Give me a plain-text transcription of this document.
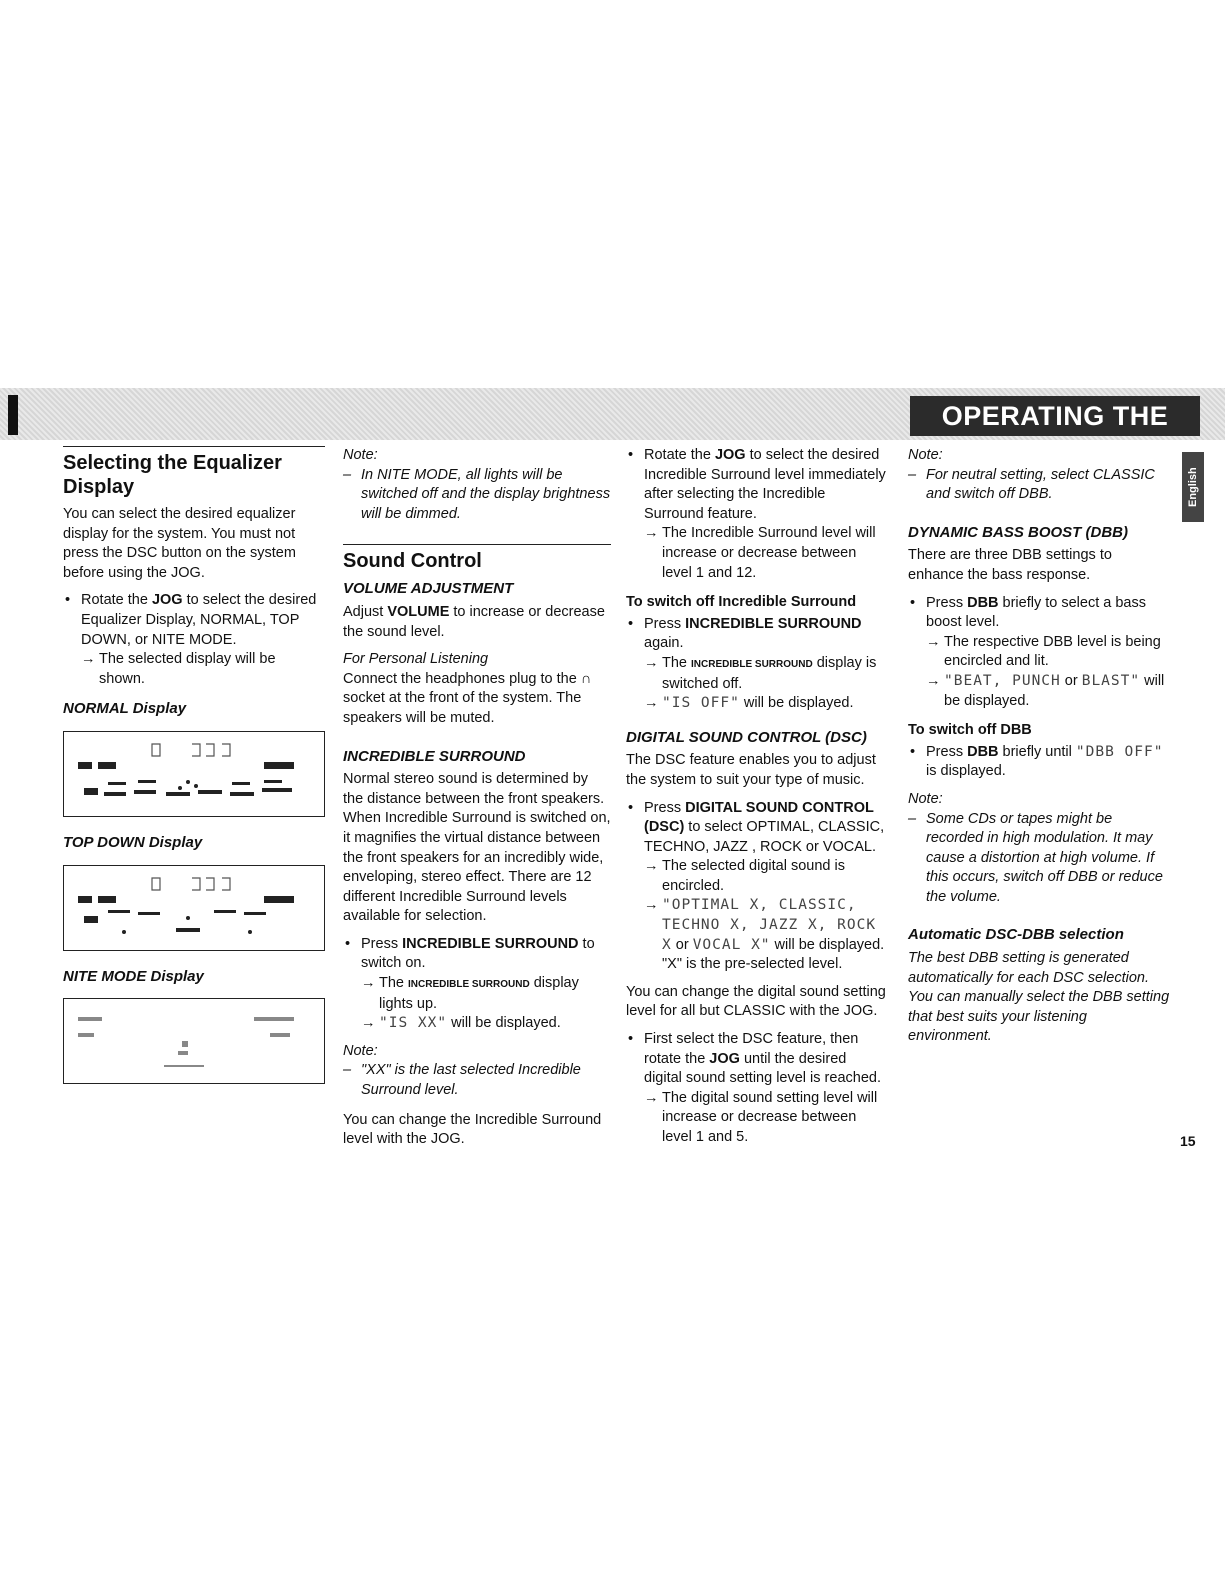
OPERATING THE SYSTEM
English
15
Selecting the Equalizer
Display

You can select the desired equalizer display for the system. You must not press the DSC button on the system before using the JOG.

• Rotate the JOG to select the desired Equalizer Display, NORMAL, TOP DOWN, or NITE MODE.
→ The selected display will be shown.
NORMAL Display
TOP DOWN Display
NITE MODE Display
Note:
– In NITE MODE, all lights will be switched off and the display brightness will be dimmed.
Sound Control
VOLUME ADJUSTMENT

Adjust VOLUME to increase or decrease the sound level.

For Personal Listening

Connect the headphones plug to the ∩ socket at the front of the system. The speakers will be muted.

INCREDIBLE SURROUND

Normal stereo sound is determined by the distance between the front speakers. When Incredible Surround is switched on, it magnifies the virtual distance between the front speakers for an incredibly wide, enveloping, stereo effect. There are 12 different Incredible Surround levels available for selection.

• Press INCREDIBLE SURROUND to switch on.
→ The INCREDIBLE SURROUND display lights up.
→ "IS XX" will be displayed.
Note:
– "XX" is the last selected Incredible Surround level.

You can change the Incredible Surround level with the JOG.

• Rotate the JOG to select the desired Incredible Surround level immediately after selecting the Incredible Surround feature.
→ The Incredible Surround level will increase or decrease between level 1 and 12.
To switch off Incredible Surround
• Press INCREDIBLE SURROUND again.
→ The INCREDIBLE SURROUND display is switched off.
→ "IS OFF" will be displayed.
DIGITAL SOUND CONTROL (DSC)

The DSC feature enables you to adjust the system to suit your type of music.

• Press DIGITAL SOUND CONTROL (DSC) to select OPTIMAL, CLASSIC, TECHNO, JAZZ , ROCK or VOCAL.
→ The selected digital sound is encircled.
→ "OPTIMAL X, CLASSIC, TECHNO X, JAZZ X, ROCK X or VOCAL X" will be displayed. "X" is the pre-selected level.

You can change the digital sound setting level for all but CLASSIC with the JOG.

• First select the DSC feature, then rotate the JOG until the desired digital sound setting level is reached.
→ The digital sound setting level will increase or decrease between level 1 and 5.
Note:
– For neutral setting, select CLASSIC and switch off DBB.
DYNAMIC BASS BOOST (DBB)

There are three DBB settings to enhance the bass response.

• Press DBB briefly to select a bass boost level.
→ The respective DBB level is being encircled and lit.
→ "BEAT, PUNCH or BLAST" will be displayed.
To switch off DBB
• Press DBB briefly until "DBB OFF" is displayed.
Note:
– Some CDs or tapes might be recorded in high modulation. It may cause a distortion at high volume. If this occurs, switch off DBB or reduce the volume.
Automatic DSC-DBB selection

The best DBB setting is generated automatically for each DSC selection. You can manually select the DBB setting that best suits your listening environment.
